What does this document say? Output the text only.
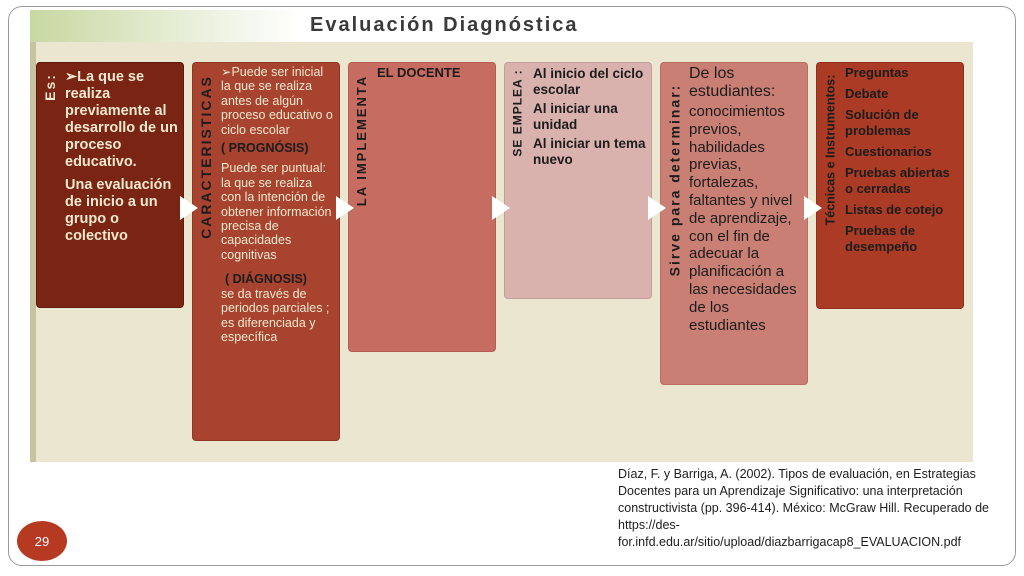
Evaluación Diagnóstica
Es: ➢La que se realiza previamente al desarrollo de un proceso educativo.

Una evaluación de inicio a un grupo o colectivo	CARACTERISTICAS

➢Puede ser inicial la que se realiza antes de algún proceso educativo o ciclo escolar

( PROGNÓSIS)

Puede ser puntual: la que se realiza con la intención de obtener información precisa de capacidades cognitivas

( DIÁGNOSIS)

se da través de periodos parciales ; es diferenciada y específica

LA IMPLEMENTA

EL DOCENTE	SE EMPLEA : Al inicio del ciclo escolar

Al iniciar una unidad

Al iniciar un tema nuevo	Sirve para determinar:

De los estudiantes:

conocimientos previos, habilidades previas, fortalezas, faltantes y nivel de aprendizaje, con el fin de adecuar la planificación a las necesidades de los estudiantes

Técnicas e Instrumentos:

Preguntas

Debate

Solución de problemas

Cuestionarios

Pruebas abiertas o cerradas

Listas de cotejo

Pruebas de desempeño

Díaz, F. y Barriga, A. (2002). Tipos de evaluación, en Estrategias Docentes para un Aprendizaje Significativo: una interpretación constructivista (pp. 396-414). México: McGraw Hill. Recuperado de https://des-for.infd.edu.ar/sitio/upload/diazbarrigacap8_EVALUACION.pdf
29
